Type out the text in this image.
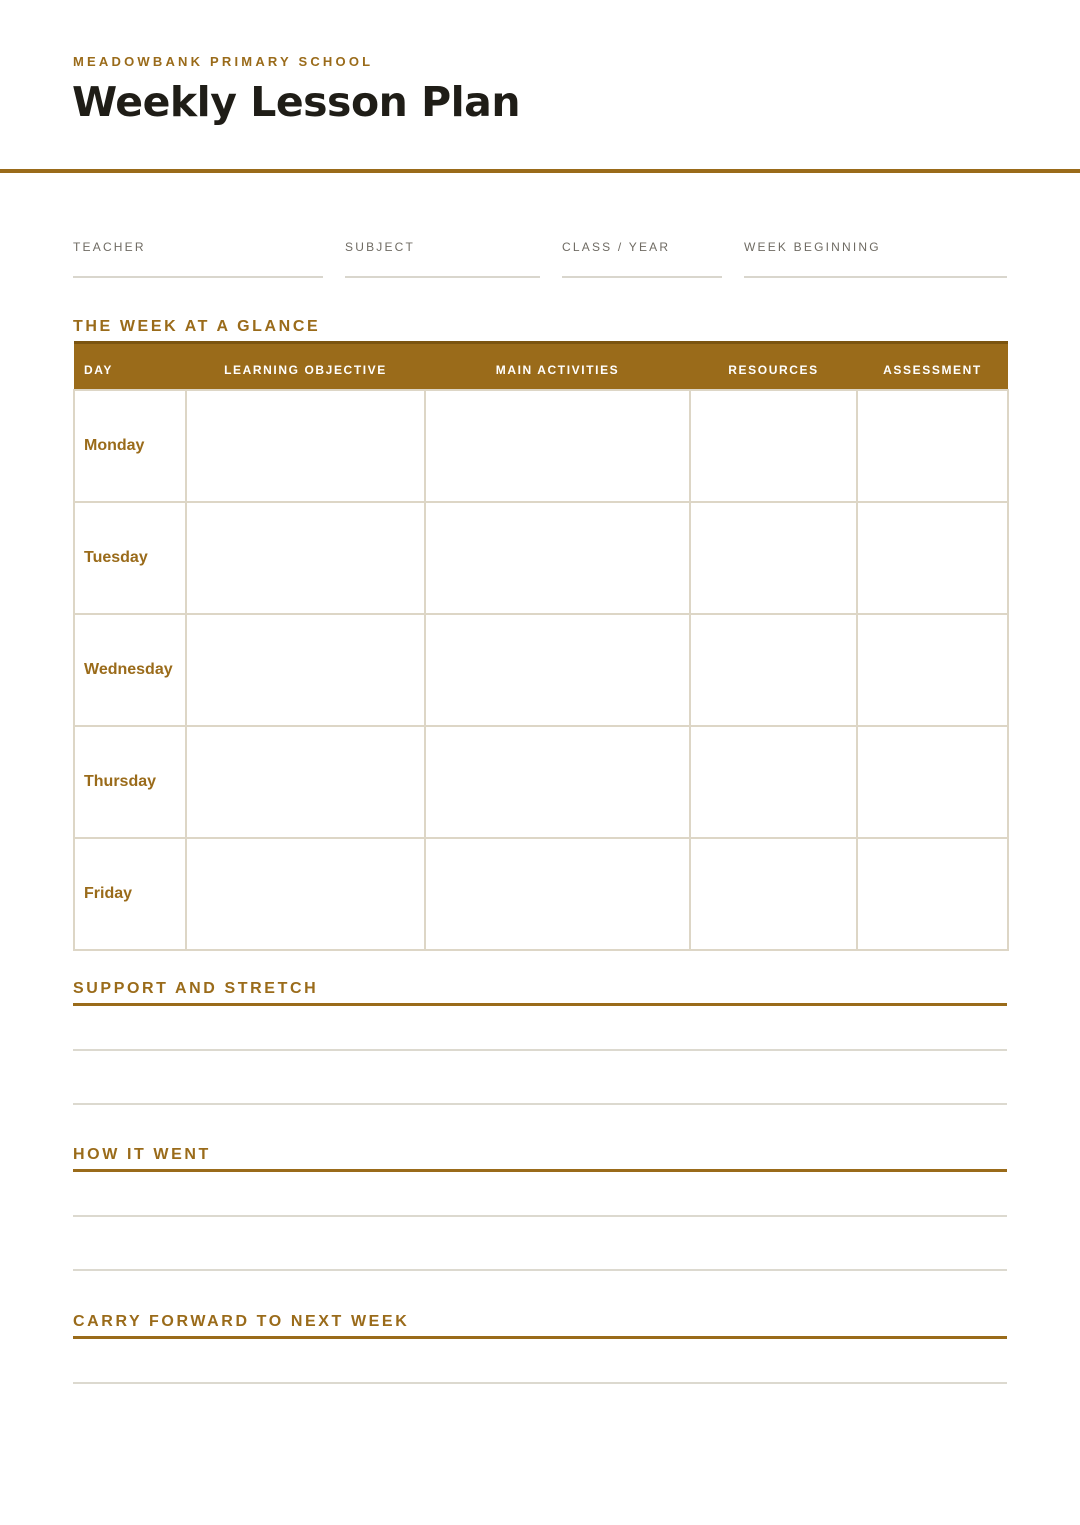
MEADOWBANK PRIMARY SCHOOL
Weekly Lesson Plan
TEACHER	SUBJECT	CLASS / YEAR	WEEK BEGINNING
THE WEEK AT A GLANCE
DAY	LEARNING OBJECTIVE	MAIN ACTIVITIES	RESOURCES	ASSESSMENT
Monday				
Tuesday				
Wednesday				
Thursday				
Friday				
SUPPORT AND STRETCH
HOW IT WENT
CARRY FORWARD TO NEXT WEEK
